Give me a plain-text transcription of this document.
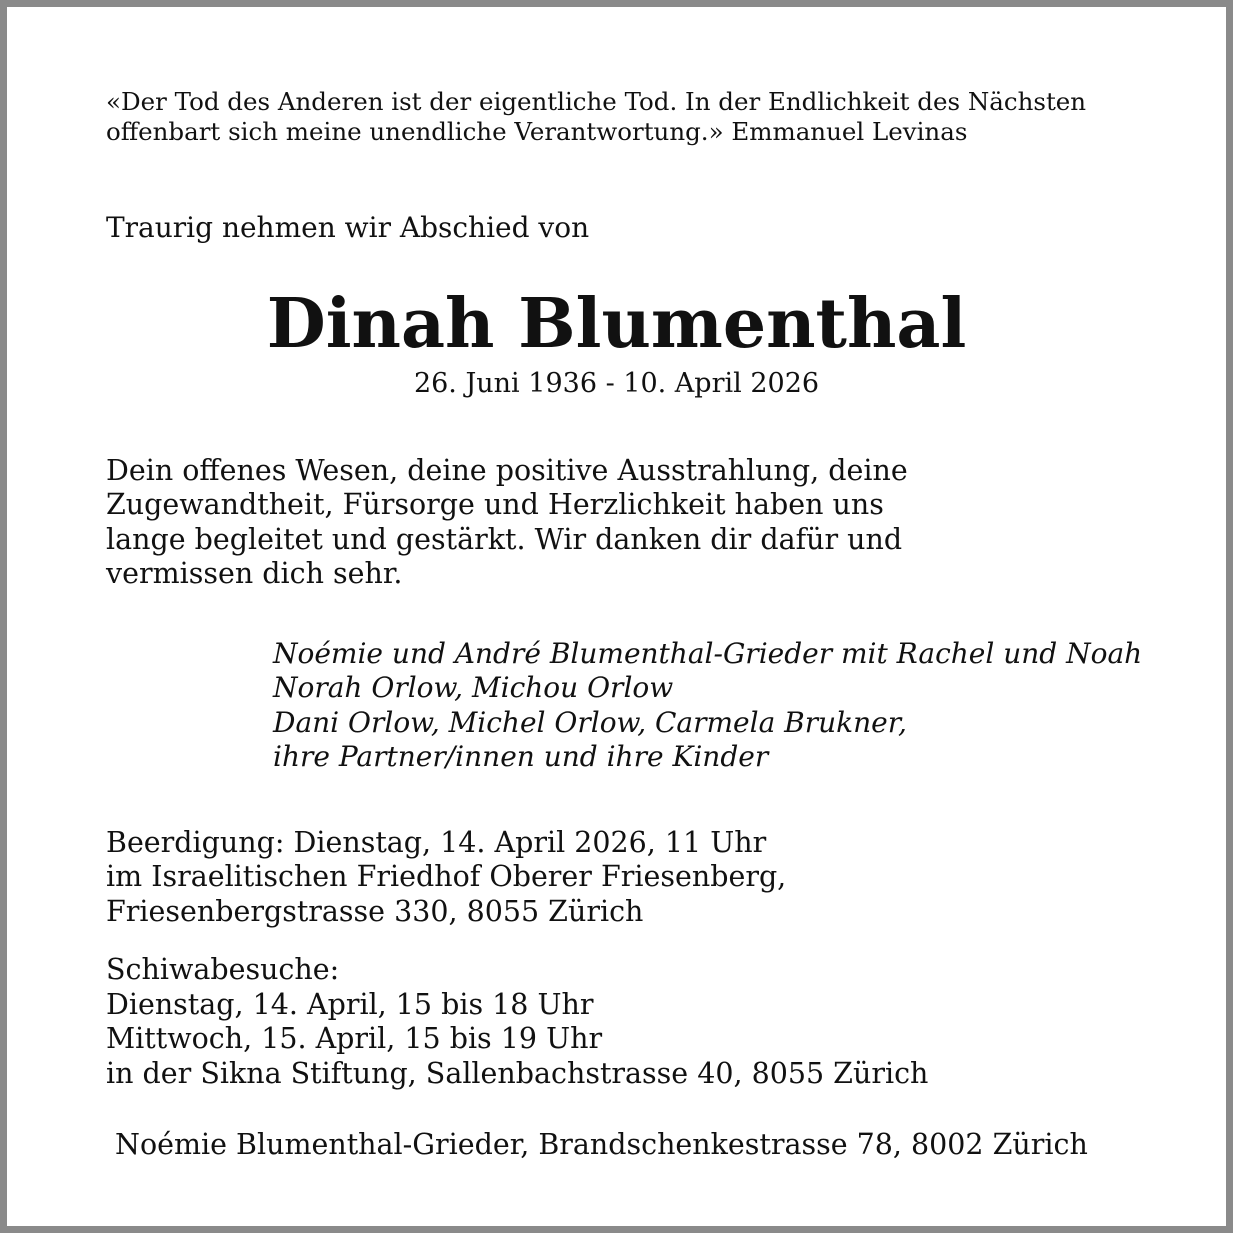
«Der Tod des Anderen ist der eigentliche Tod. In der Endlichkeit des Nächsten

offenbart sich meine unendliche Verantwortung.» Emmanuel Levinas

Traurig nehmen wir Abschied von

Dinah Blumenthal

26. Juni 1936 - 10. April 2026

Dein offenes Wesen, deine positive Ausstrahlung, deine

Zugewandtheit, Fürsorge und Herzlichkeit haben uns

lange begleitet und gestärkt. Wir danken dir dafür und

vermissen dich sehr.

Noémie und André Blumenthal-Grieder mit Rachel und Noah

Norah Orlow, Michou Orlow

Dani Orlow, Michel Orlow, Carmela Brukner,

ihre Partner/innen und ihre Kinder

Beerdigung: Dienstag, 14. April 2026, 11 Uhr

im Israelitischen Friedhof Oberer Friesenberg,

Friesenbergstrasse 330, 8055 Zürich

Schiwabesuche:

Dienstag, 14. April, 15 bis 18 Uhr

Mittwoch, 15. April, 15 bis 19 Uhr

in der Sikna Stiftung, Sallenbachstrasse 40, 8055 Zürich

Noémie Blumenthal-Grieder, Brandschenkestrasse 78, 8002 Zürich
